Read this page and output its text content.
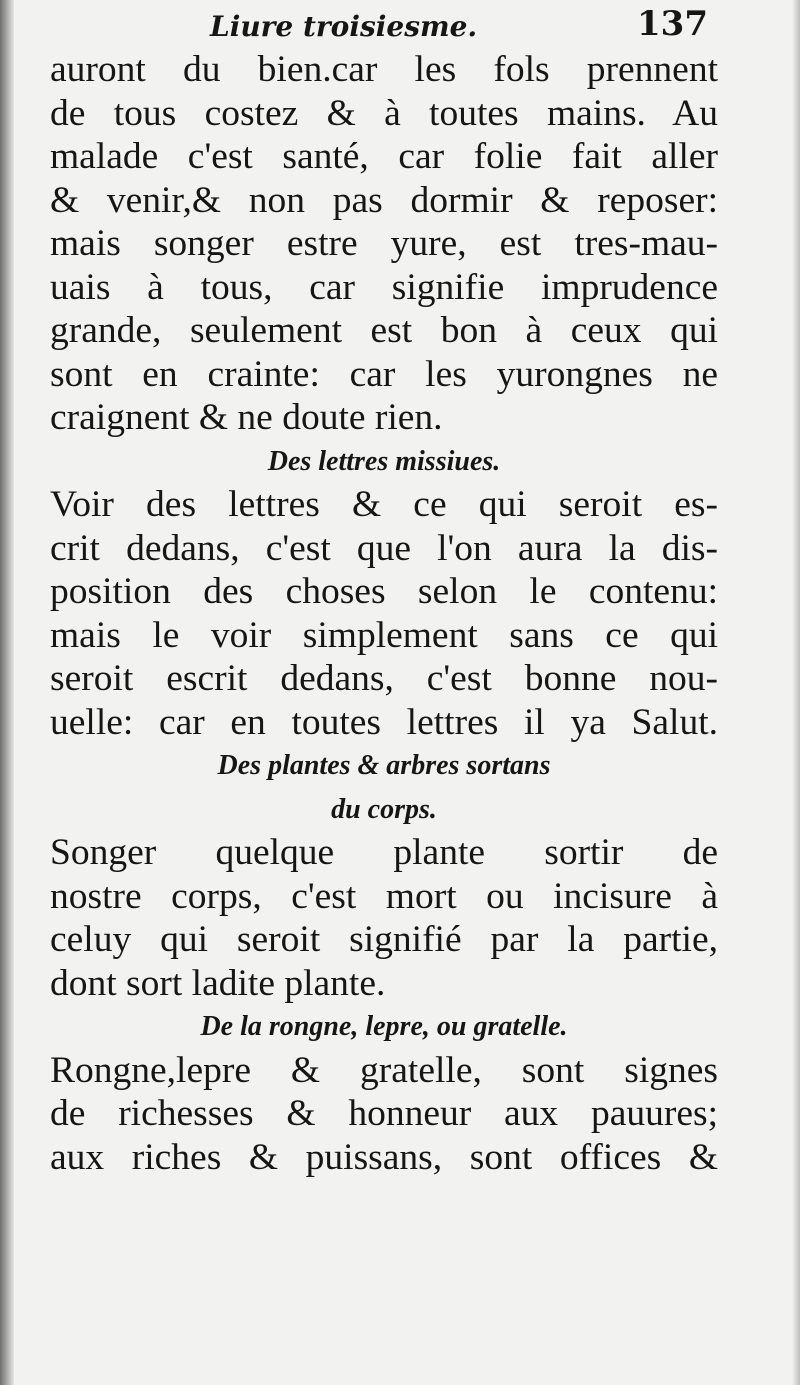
Liure troisiesme.	137
auront du bien.car les fols prennent
de tous costez & à toutes mains. Au
malade c'est santé, car folie fait aller
& venir,& non pas dormir & reposer:
mais songer estre yure, est tres-mau-
uais à tous, car signifie imprudence
grande, seulement est bon à ceux qui
sont en crainte: car les yurongnes ne
craignent & ne doute rien.
Des lettres missiues.
Voir des lettres & ce qui seroit es-
crit dedans, c'est que l'on aura la dis-
position des choses selon le contenu:
mais le voir simplement sans ce qui
seroit escrit dedans, c'est bonne nou-
uelle: car en toutes lettres il ya Salut.
Des plantes & arbres sortans
du corps.
Songer quelque plante sortir de
nostre corps, c'est mort ou incisure à
celuy qui seroit signifié par la partie,
dont sort ladite plante.
De la rongne, lepre, ou gratelle.
Rongne,lepre & gratelle, sont signes
de richesses & honneur aux pauures;
aux riches & puissans, sont offices &
